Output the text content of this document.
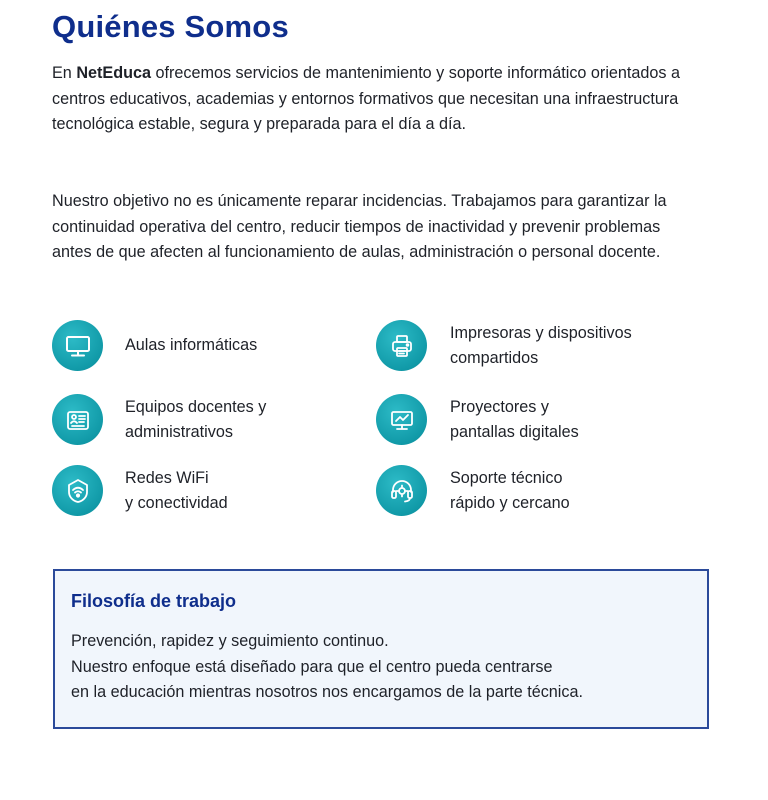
Quiénes Somos

En NetEduca ofrecemos servicios de mantenimiento y soporte informático orientados a centros educativos, academias y entornos formativos que necesitan una infraestructura tecnológica estable, segura y preparada para el día a día.

Nuestro objetivo no es únicamente reparar incidencias. Trabajamos para garantizar la continuidad operativa del centro, reducir tiempos de inactividad y prevenir problemas antes de que afecten al funcionamiento de aulas, administración o personal docente.

Aulas informáticas
Equipos docentes y
administrativos
Redes WiFi
y conectividad
Impresoras y dispositivos
compartidos
Proyectores y
pantallas digitales
Soporte técnico
rápido y cercano
Filosofía de trabajo
Prevención, rapidez y seguimiento continuo.
Nuestro enfoque está diseñado para que el centro pueda centrarse
en la educación mientras nosotros nos encargamos de la parte técnica.
